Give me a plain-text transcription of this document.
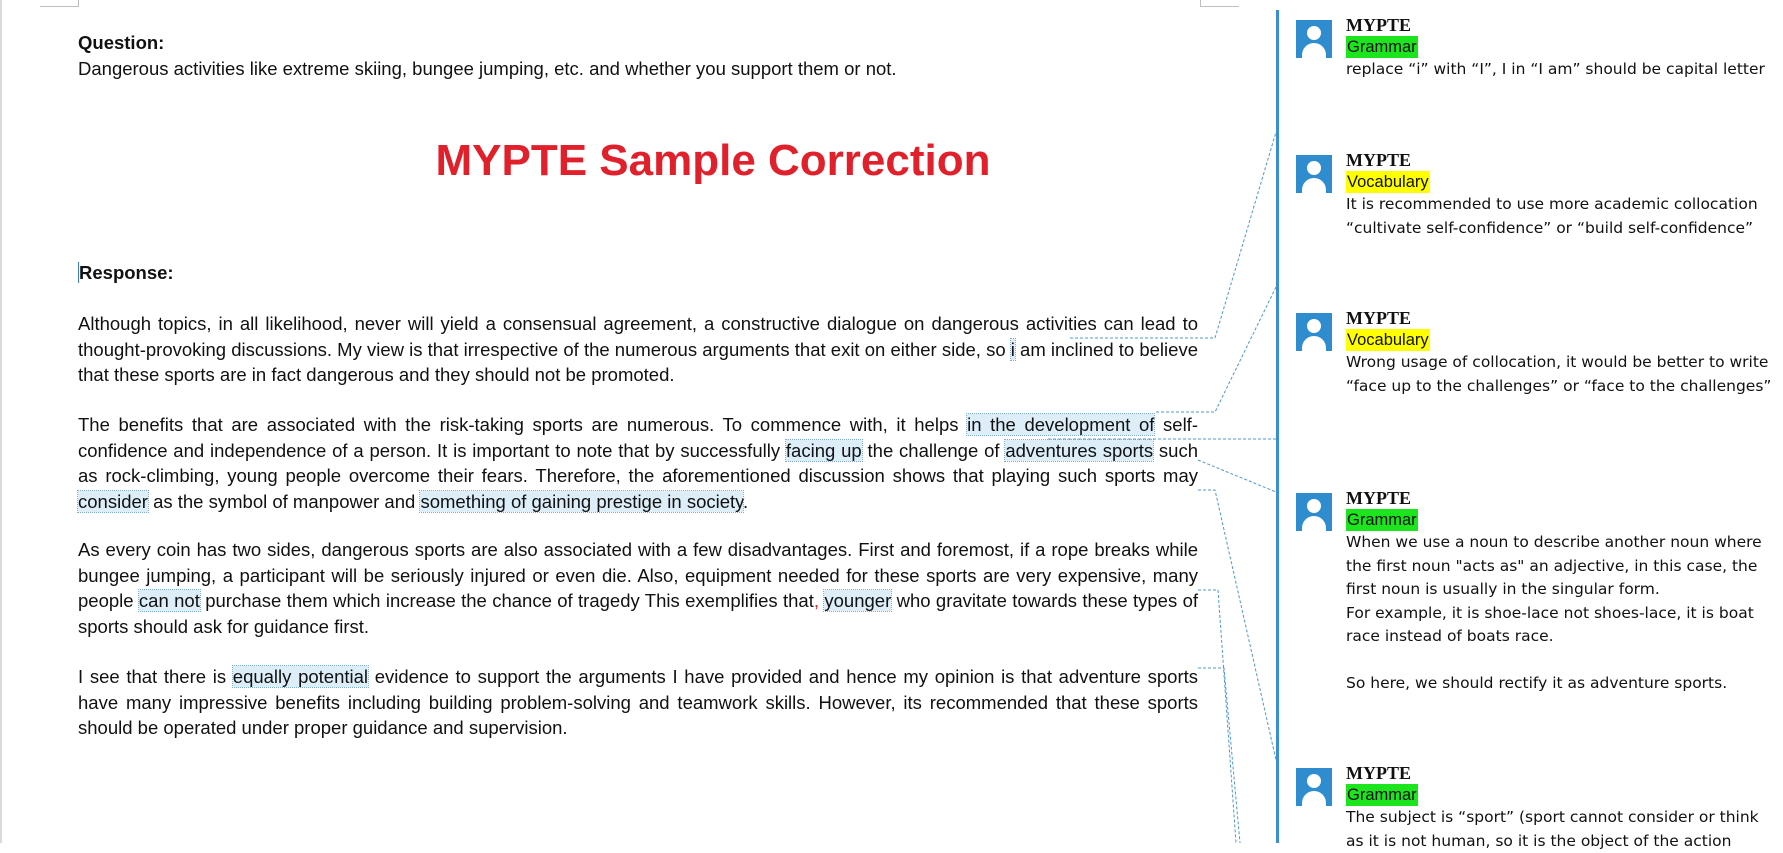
Question:
Dangerous activities like extreme skiing, bungee jumping, etc. and whether you support them or not.
MYPTE Sample Correction
Response:
Although topics, in all likelihood, never will yield a consensual agreement, a constructive dialogue on dangerous activities can lead to thought-provoking discussions. My view is that irrespective of the numerous arguments that exit on either side, so i am inclined to believe that these sports are in fact dangerous and they should not be promoted.
The benefits that are associated with the risk-taking sports are numerous. To commence with, it helps in the development of self-confidence and independence of a person. It is important to note that by successfully facing up the challenge of adventures sports such as rock-climbing, young people overcome their fears. Therefore, the aforementioned discussion shows that playing such sports may consider as the symbol of manpower and something of gaining prestige in society.
As every coin has two sides, dangerous sports are also associated with a few disadvantages. First and foremost, if a rope breaks while bungee jumping, a participant will be seriously injured or even die. Also, equipment needed for these sports are very expensive, many people can not purchase them which increase the chance of tragedy This exemplifies that, younger who gravitate towards these types of sports should ask for guidance first.
I see that there is equally potential evidence to support the arguments I have provided and hence my opinion is that adventure sports have many impressive benefits including building problem-solving and teamwork skills. However, its recommended that these sports should be operated under proper guidance and supervision.
MYPTE
Grammar

replace “i” with “I”, I in “I am” should be capital letter

MYPTE
Vocabulary

It is recommended to use more academic collocation “cultivate self-confidence” or “build self-confidence”

MYPTE
Vocabulary

Wrong usage of collocation, it would be better to write “face up to the challenges” or “face to the challenges”

MYPTE
Grammar

When we use a noun to describe another noun where the first noun "acts as" an adjective, in this case, the first noun is usually in the singular form.

For example, it is shoe-lace not shoes-lace, it is boat race instead of boats race.

So here, we should rectify it as adventure sports.

MYPTE
Grammar

The subject is “sport” (sport cannot consider or think as it is not human, so it is the object of the action
